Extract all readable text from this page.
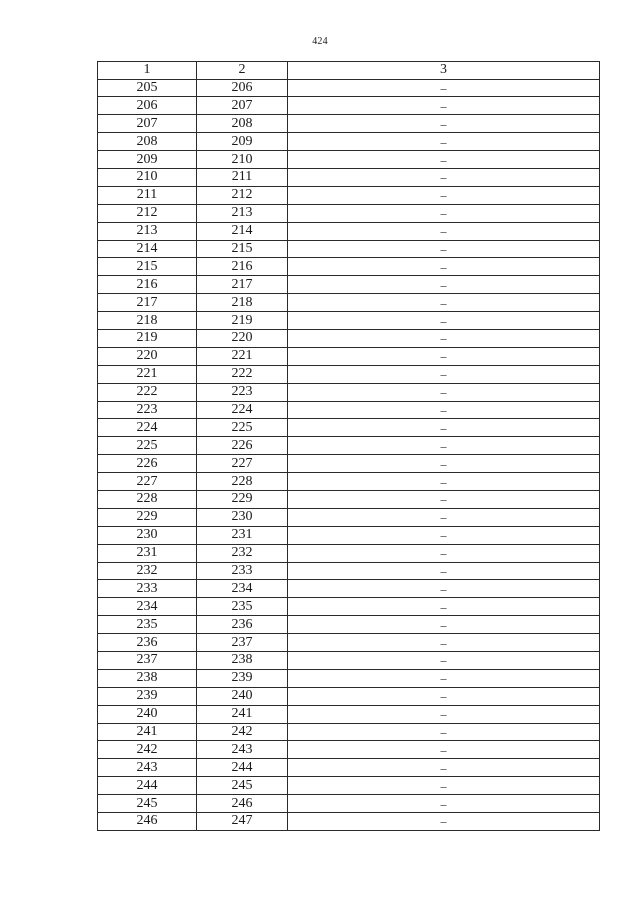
424
1	2	3
205	206	–
206	207	–
207	208	–
208	209	–
209	210	–
210	211	–
211	212	–
212	213	–
213	214	–
214	215	–
215	216	–
216	217	–
217	218	–
218	219	–
219	220	–
220	221	–
221	222	–
222	223	–
223	224	–
224	225	–
225	226	–
226	227	–
227	228	–
228	229	–
229	230	–
230	231	–
231	232	–
232	233	–
233	234	–
234	235	–
235	236	–
236	237	–
237	238	–
238	239	–
239	240	–
240	241	–
241	242	–
242	243	–
243	244	–
244	245	–
245	246	–
246	247	–
